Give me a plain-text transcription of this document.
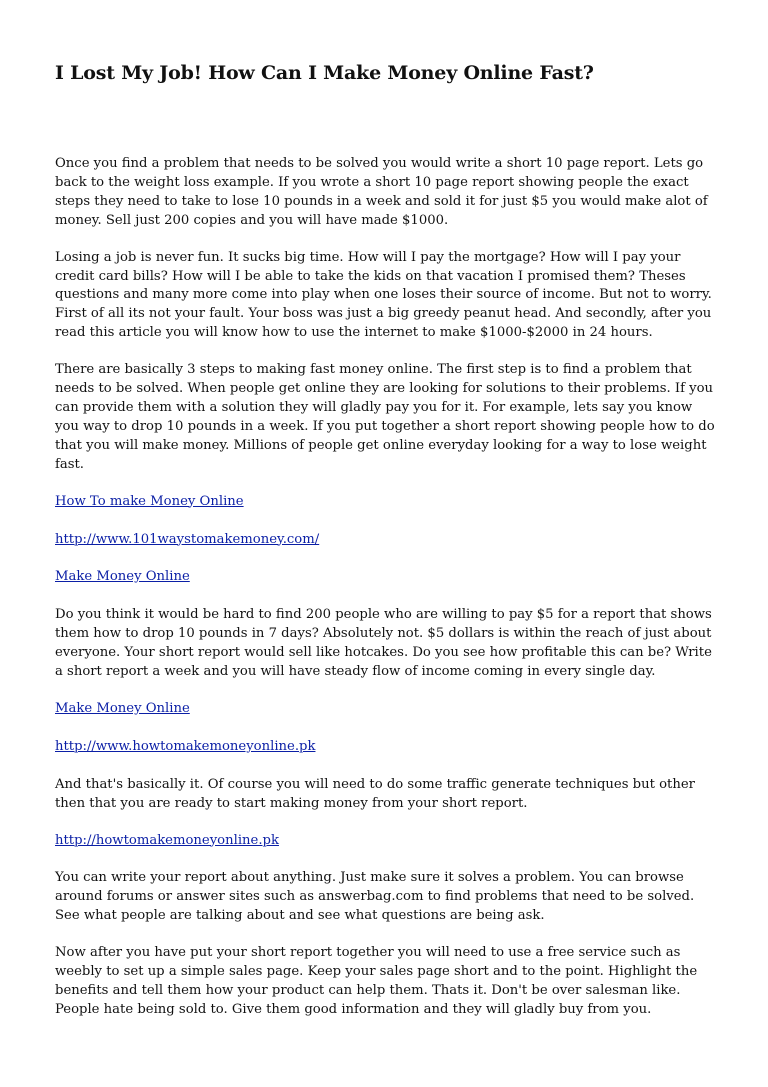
I Lost My Job! How Can I Make Money Online Fast?

Once you find a problem that needs to be solved you would write a short 10 page report. Lets go back to the weight loss example. If you wrote a short 10 page report showing people the exact steps they need to take to lose 10 pounds in a week and sold it for just $5 you would make alot of money. Sell just 200 copies and you will have made $1000.

Losing a job is never fun. It sucks big time. How will I pay the mortgage? How will I pay your credit card bills? How will I be able to take the kids on that vacation I promised them? Theses questions and many more come into play when one loses their source of income. But not to worry. First of all its not your fault. Your boss was just a big greedy peanut head. And secondly, after you read this article you will know how to use the internet to make $1000-$2000 in 24 hours.

There are basically 3 steps to making fast money online. The first step is to find a problem that needs to be solved. When people get online they are looking for solutions to their problems. If you can provide them with a solution they will gladly pay you for it. For example, lets say you know you way to drop 10 pounds in a week. If you put together a short report showing people how to do that you will make money. Millions of people get online everyday looking for a way to lose weight fast.

How To make Money Online

http://www.101waystomakemoney.com/

Make Money Online

Do you think it would be hard to find 200 people who are willing to pay $5 for a report that shows them how to drop 10 pounds in 7 days? Absolutely not. $5 dollars is within the reach of just about everyone. Your short report would sell like hotcakes. Do you see how profitable this can be? Write a short report a week and you will have steady flow of income coming in every single day.

Make Money Online

http://www.howtomakemoneyonline.pk

And that's basically it. Of course you will need to do some traffic generate techniques but other then that you are ready to start making money from your short report.

http://howtomakemoneyonline.pk

You can write your report about anything. Just make sure it solves a problem. You can browse around forums or answer sites such as answerbag.com to find problems that need to be solved. See what people are talking about and see what questions are being ask.

Now after you have put your short report together you will need to use a free service such as weebly to set up a simple sales page. Keep your sales page short and to the point. Highlight the benefits and tell them how your product can help them. Thats it. Don't be over salesman like. People hate being sold to. Give them good information and they will gladly buy from you.
